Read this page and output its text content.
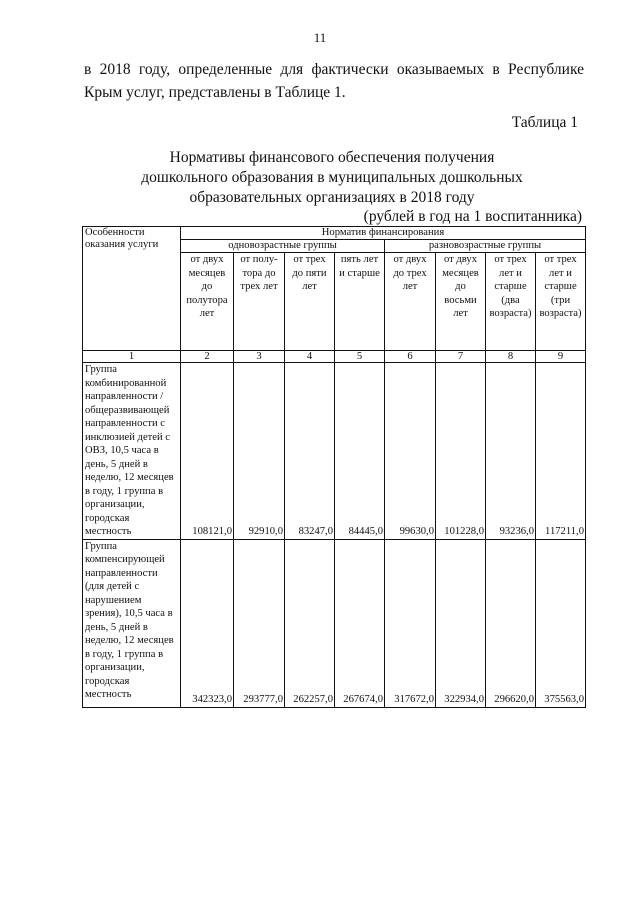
11
в 2018 году, определенные для фактически оказываемых в Республике Крым услуг, представлены в Таблице 1.
Таблица 1
Нормативы финансового обеспечения получения
дошкольного образования в муниципальных дошкольных
образовательных организациях в 2018 году
(рублей в год на 1 воспитанника)
Особенности оказания услуги	Норматив финансирования							
	одновозрастные группы				разновозрастные группы			
	от двух месяцев до полутора лет	от полу-тора до трех лет	от трех до пяти лет	пять лет и старше	от двух до трех лет	от двух месяцев до восьми лет	от трех лет и старше (два возраста)	от трех лет и старше (три возраста)
1	2	3	4	5	6	7	8	9
Группа комбинированной направленности / общеразвивающей направленности с инклюзией детей с ОВЗ, 10,5 часа в день, 5 дней в неделю, 12 месяцев в году, 1 группа в организации, городская местность	108121,0	92910,0	83247,0	84445,0	99630,0	101228,0	93236,0	117211,0
Группа компенсирующей направленности (для детей с нарушением зрения), 10,5 часа в день, 5 дней в неделю, 12 месяцев в году, 1 группа в организации, городская местность	342323,0	293777,0	262257,0	267674,0	317672,0	322934,0	296620,0	375563,0
